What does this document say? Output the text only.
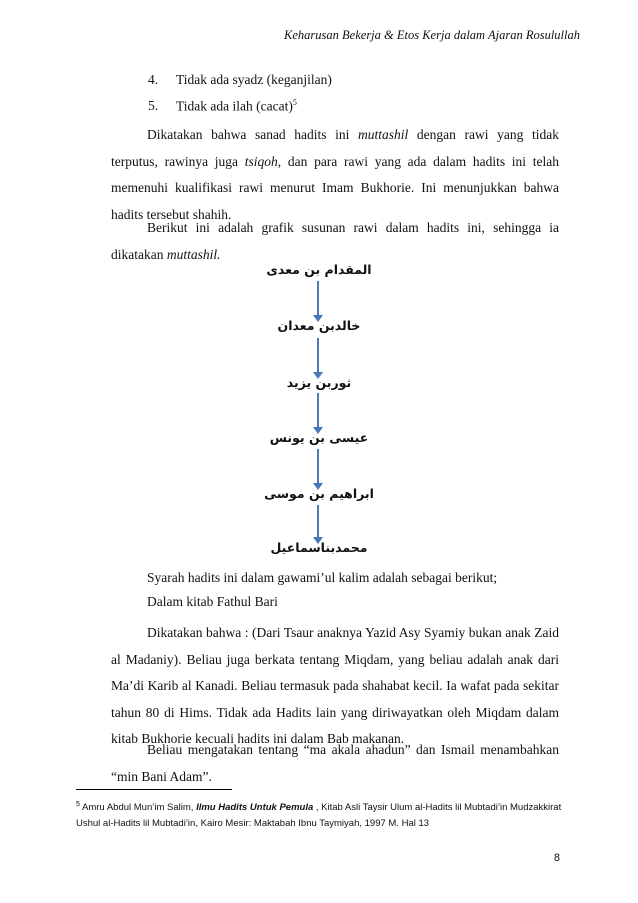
Keharusan Bekerja & Etos Kerja dalam Ajaran Rosulullah
4.	Tidak ada syadz (keganjilan)
5.	Tidak ada ilah (cacat)$^5$

Dikatakan bahwa sanad hadits ini muttashil dengan rawi yang tidak terputus, rawinya juga tsiqoh, dan para rawi yang ada dalam hadits ini telah memenuhi kualifikasi rawi menurut Imam Bukhorie. Ini menunjukkan bahwa hadits tersebut shahih.

Berikut ini adalah grafik susunan rawi dalam hadits ini, sehingga ia dikatakan muttashil.

المقدام بن معدى
خالدبن معدان
ثوربن يزيد
عيسى بن يونس
ابراهيم بن موسى
محمدبناسماعيل
Syarah hadits ini dalam gawami’ul kalim adalah sebagai berikut;
Dalam kitab Fathul Bari

Dikatakan bahwa : (Dari Tsaur anaknya Yazid Asy Syamiy bukan anak Zaid al Madaniy). Beliau juga berkata tentang Miqdam, yang beliau adalah anak dari Ma’di Karib al Kanadi. Beliau termasuk pada shahabat kecil. Ia wafat pada sekitar tahun 80 di Hims. Tidak ada Hadits lain yang diriwayatkan oleh Miqdam dalam kitab Bukhorie kecuali hadits ini dalam Bab makanan.

Beliau mengatakan tentang “ma akala ahadun” dan Ismail menambahkan “min Bani Adam”.

$^5$ Amru Abdul Mun’im Salim, Ilmu Hadits Untuk Pemula , Kitab Asli Taysir Ulum al-Hadits lil Mubtadi’in Mudzakkirat Ushul al-Hadits lil Mubtadi’in, Kairo Mesir: Maktabah Ibnu Taymiyah, 1997 M. Hal 13
8
